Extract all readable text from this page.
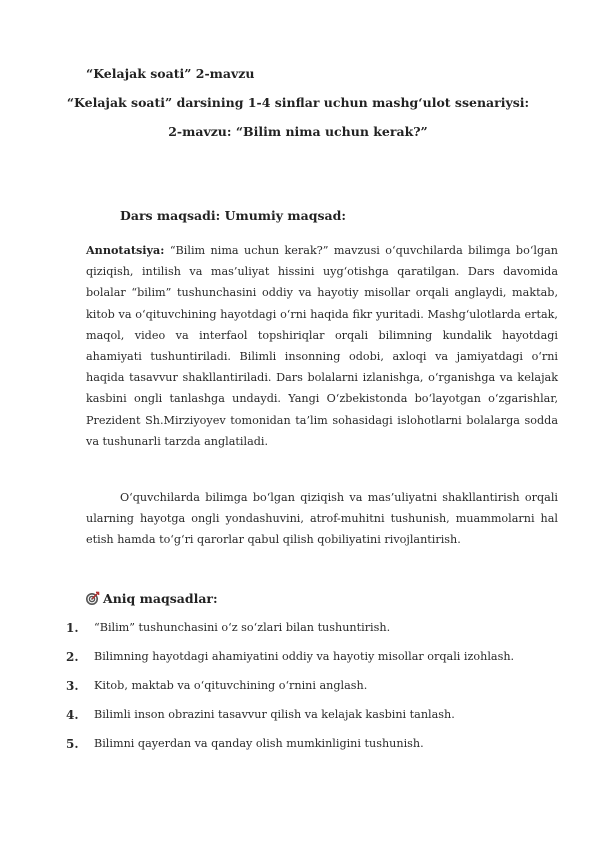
“Kelajak soati” 2-mavzu
“Kelajak soati” darsining 1-4 sinflar uchun mashg‘ulot ssenariysi:
2-mavzu: “Bilim nima uchun kerak?”
Dars maqsadi: Umumiy maqsad:
Annotatsiya: “Bilim nima uchun kerak?” mavzusi o‘quvchilarda bilimga bo‘lgan qiziqish, intilish va mas’uliyat hissini uyg‘otishga qaratilgan. Dars davomida bolalar “bilim” tushunchasini oddiy va hayotiy misollar orqali anglaydi, maktab, kitob va o‘qituvchining hayotdagi o‘rni haqida fikr yuritadi. Mashg‘ulotlarda ertak, maqol, video va interfaol topshiriqlar orqali bilimning kundalik hayotdagi ahamiyati tushuntiriladi. Bilimli insonning odobi, axloqi va jamiyatdagi o‘rni haqida tasavvur shakllantiriladi. Dars bolalarni izlanishga, o‘rganishga va kelajak kasbini ongli tanlashga undaydi. Yangi O‘zbekistonda bo‘layotgan o‘zgarishlar, Prezident Sh.Mirziyoyev tomonidan ta’lim sohasidagi islohotlarni bolalarga sodda va tushunarli tarzda anglatiladi.
O‘quvchilarda bilimga bo‘lgan qiziqish va mas’uliyatni shakllantirish orqali ularning hayotga ongli yondashuvini, atrof-muhitni tushunish, muammolarni hal etish hamda to‘g‘ri qarorlar qabul qilish qobiliyatini rivojlantirish.
Aniq maqsadlar:
1. “Bilim” tushunchasini o‘z so‘zlari bilan tushuntirish.
2. Bilimning hayotdagi ahamiyatini oddiy va hayotiy misollar orqali izohlash.
3. Kitob, maktab va o‘qituvchining o‘rnini anglash.
4. Bilimli inson obrazini tasavvur qilish va kelajak kasbini tanlash.
5. Bilimni qayerdan va qanday olish mumkinligini tushunish.
